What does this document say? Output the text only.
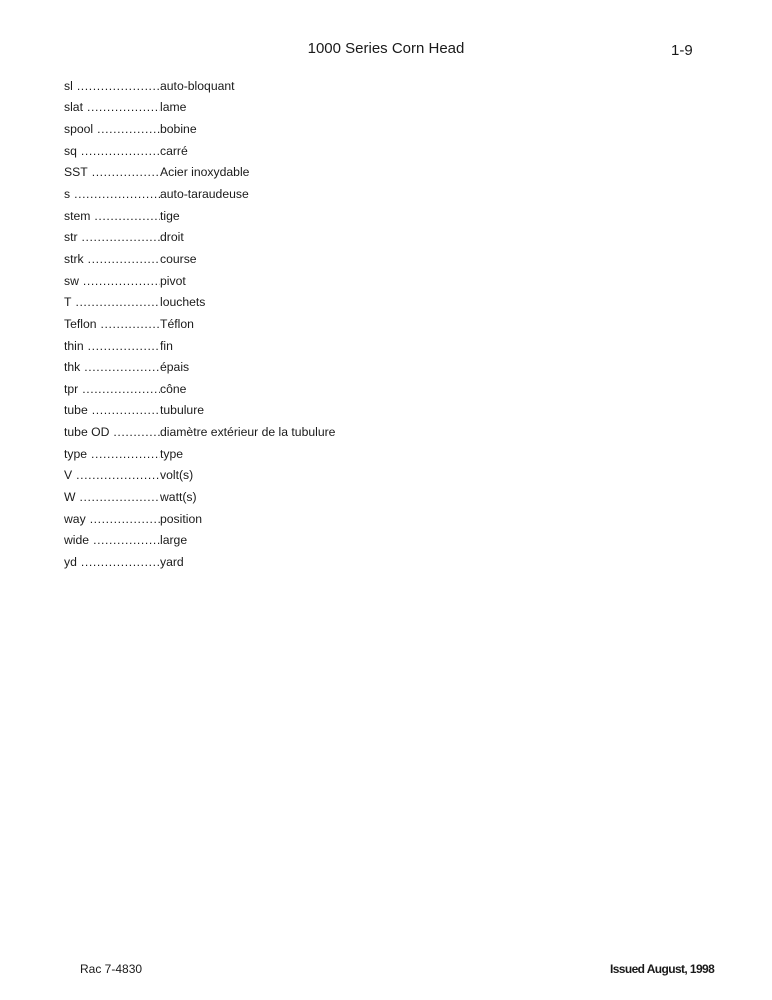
1000 Series Corn Head	1-9
sl .....	auto-bloquant
slat .....	lame
spool .....	bobine
sq .....	carré
SST .....	Acier inoxydable
s .....	auto-taraudeuse
stem .....	tige
str .....	droit
strk .....	course
sw .....	pivot
T .....	louchets
Teflon .....	Téflon
thin .....	fin
thk .....	épais
tpr .....	cône
tube .....	tubulure
tube OD .....	diamètre extérieur de la tubulure
type .....	type
V .....	volt(s)
W .....	watt(s)
way .....	position
wide .....	large
yd .....	yard
Rac 7-4830	Issued August, 1998
